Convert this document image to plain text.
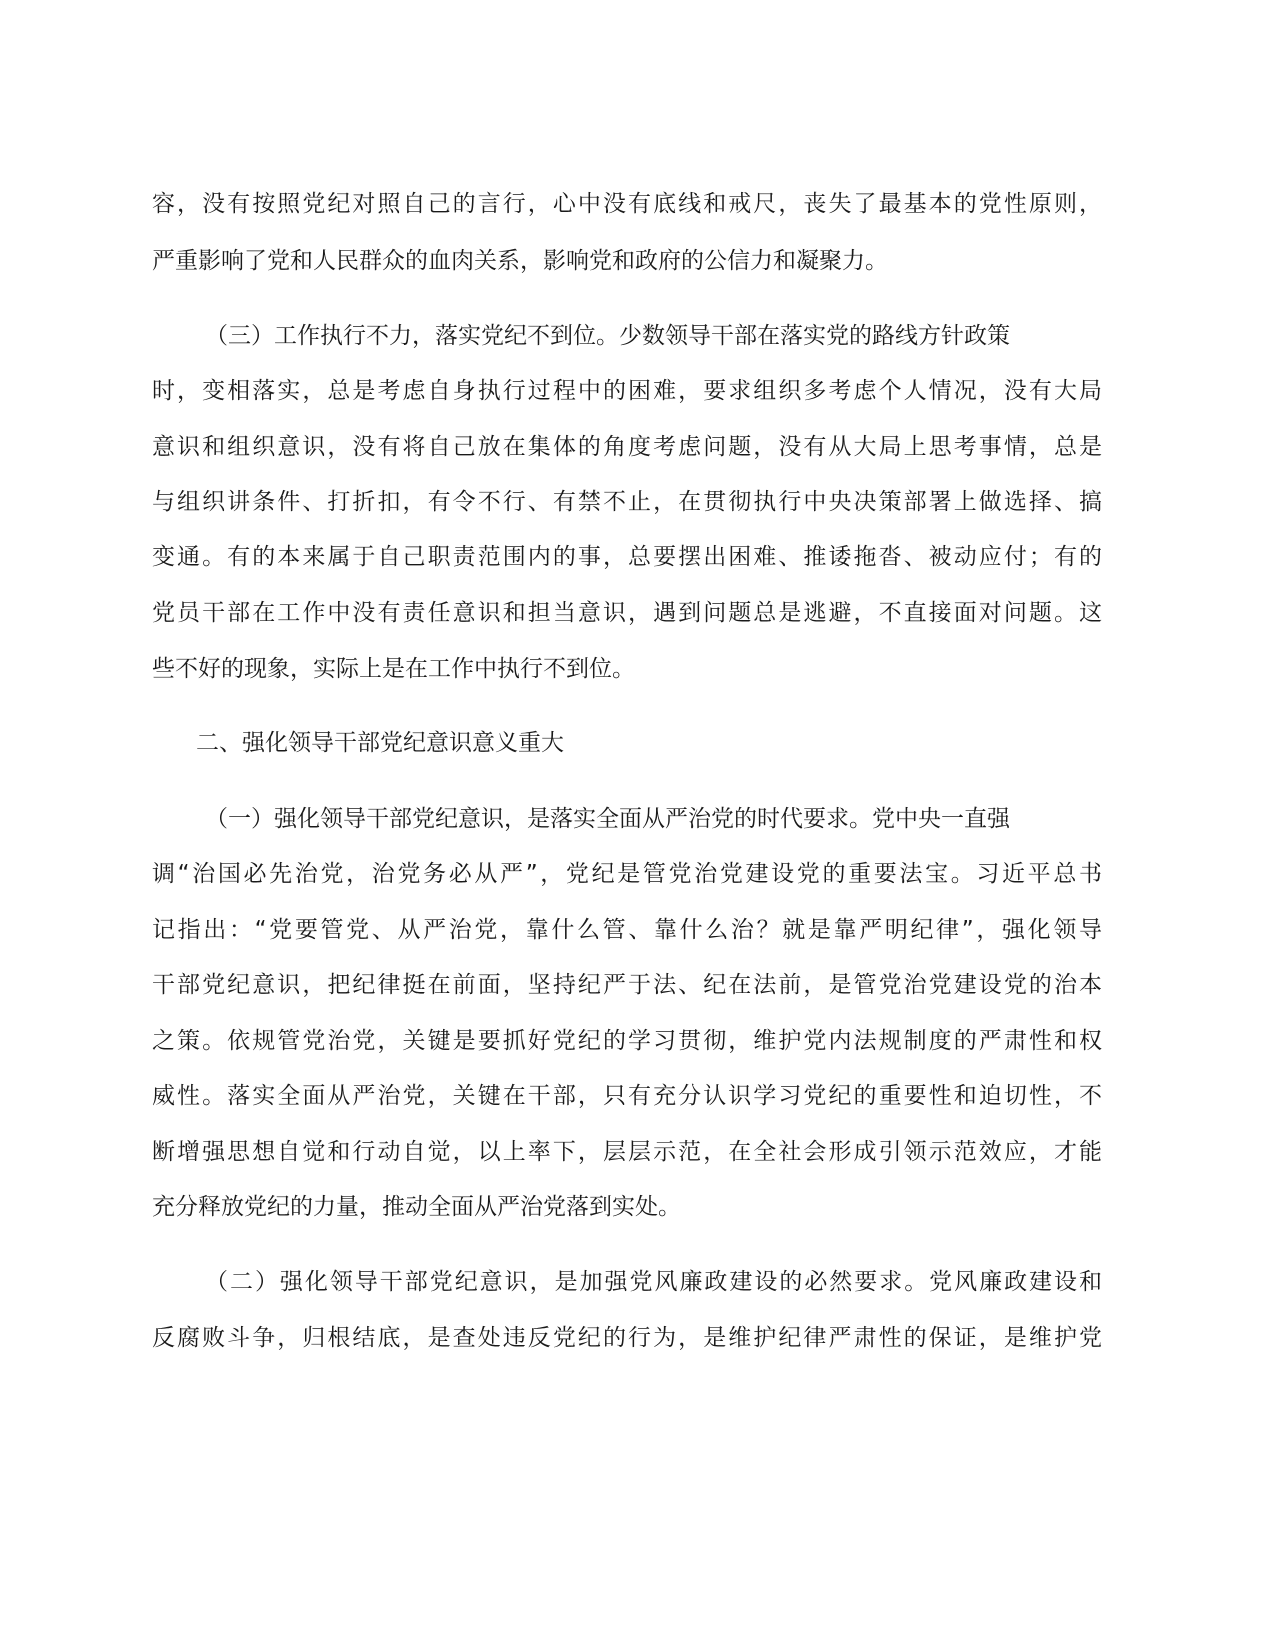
容，没有按照党纪对照自己的言行，心中没有底线和戒尺，丧失了最基本的党性原则，
严重影响了党和人民群众的血肉关系，影响党和政府的公信力和凝聚力。
（三）工作执行不力，落实党纪不到位。少数领导干部在落实党的路线方针政策
时，变相落实，总是考虑自身执行过程中的困难，要求组织多考虑个人情况，没有大局
意识和组织意识，没有将自己放在集体的角度考虑问题，没有从大局上思考事情，总是
与组织讲条件、打折扣，有令不行、有禁不止，在贯彻执行中央决策部署上做选择、搞
变通。有的本来属于自己职责范围内的事，总要摆出困难、推诿拖沓、被动应付；有的
党员干部在工作中没有责任意识和担当意识，遇到问题总是逃避，不直接面对问题。这
些不好的现象，实际上是在工作中执行不到位。
二、强化领导干部党纪意识意义重大
（一）强化领导干部党纪意识，是落实全面从严治党的时代要求。党中央一直强
调“治国必先治党，治党务必从严”，党纪是管党治党建设党的重要法宝。习近平总书
记指出：“党要管党、从严治党，靠什么管、靠什么治？就是靠严明纪律”，强化领导
干部党纪意识，把纪律挺在前面，坚持纪严于法、纪在法前，是管党治党建设党的治本
之策。依规管党治党，关键是要抓好党纪的学习贯彻，维护党内法规制度的严肃性和权
威性。落实全面从严治党，关键在干部，只有充分认识学习党纪的重要性和迫切性，不
断增强思想自觉和行动自觉，以上率下，层层示范，在全社会形成引领示范效应，才能
充分释放党纪的力量，推动全面从严治党落到实处。
（二）强化领导干部党纪意识，是加强党风廉政建设的必然要求。党风廉政建设和
反腐败斗争，归根结底，是查处违反党纪的行为，是维护纪律严肃性的保证，是维护党
